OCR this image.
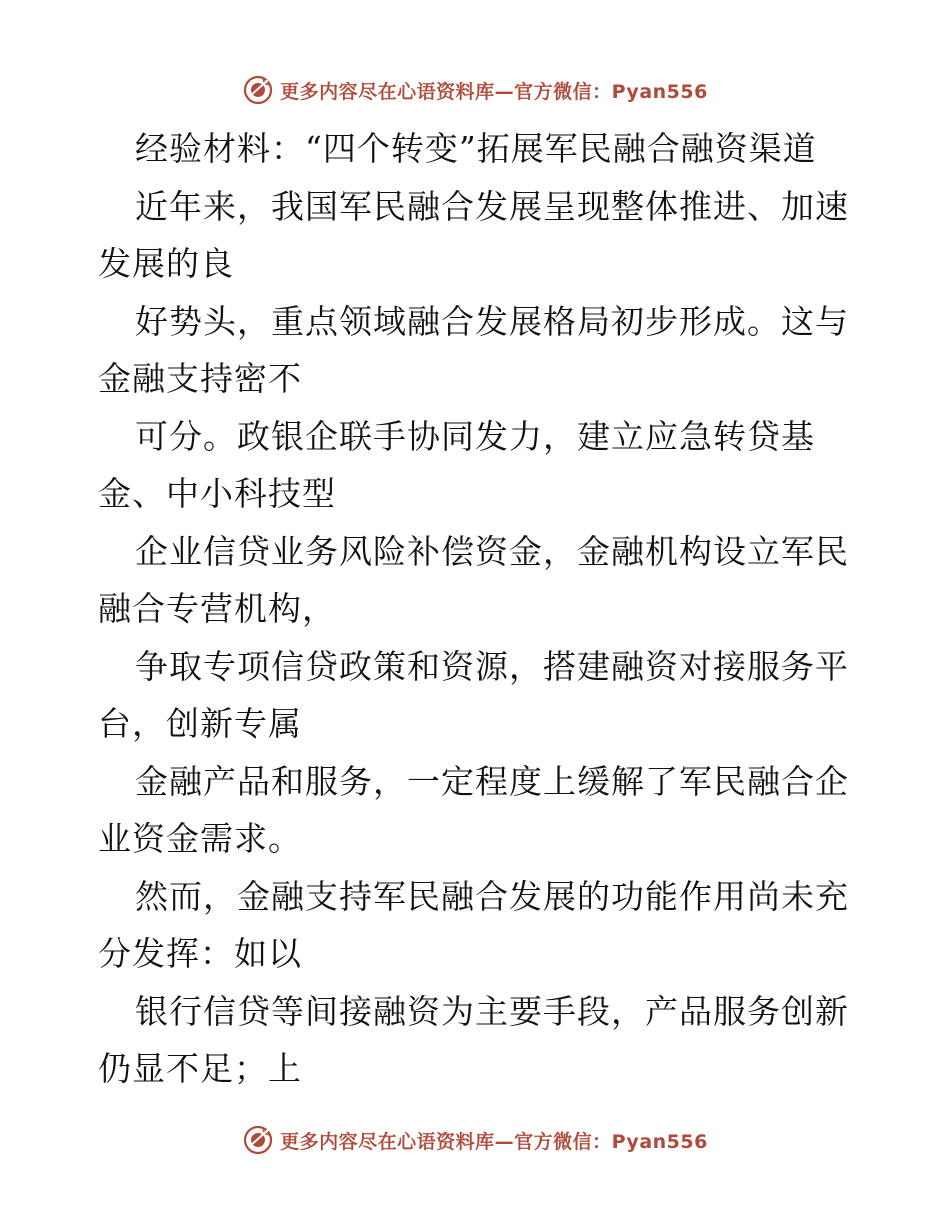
更多内容尽在心语资料库—官方微信：Pyan556
经验材料：“四个转变”拓展军民融合融资渠道
近年来，我国军民融合发展呈现整体推进、加速
发展的良
好势头，重点领域融合发展格局初步形成。这与
金融支持密不
可分。政银企联手协同发力，建立应急转贷基
金、中小科技型
企业信贷业务风险补偿资金，金融机构设立军民
融合专营机构，
争取专项信贷政策和资源，搭建融资对接服务平
台，创新专属
金融产品和服务，一定程度上缓解了军民融合企
业资金需求。
然而，金融支持军民融合发展的功能作用尚未充
分发挥：如以
银行信贷等间接融资为主要手段，产品服务创新
仍显不足；上
更多内容尽在心语资料库—官方微信：Pyan556
